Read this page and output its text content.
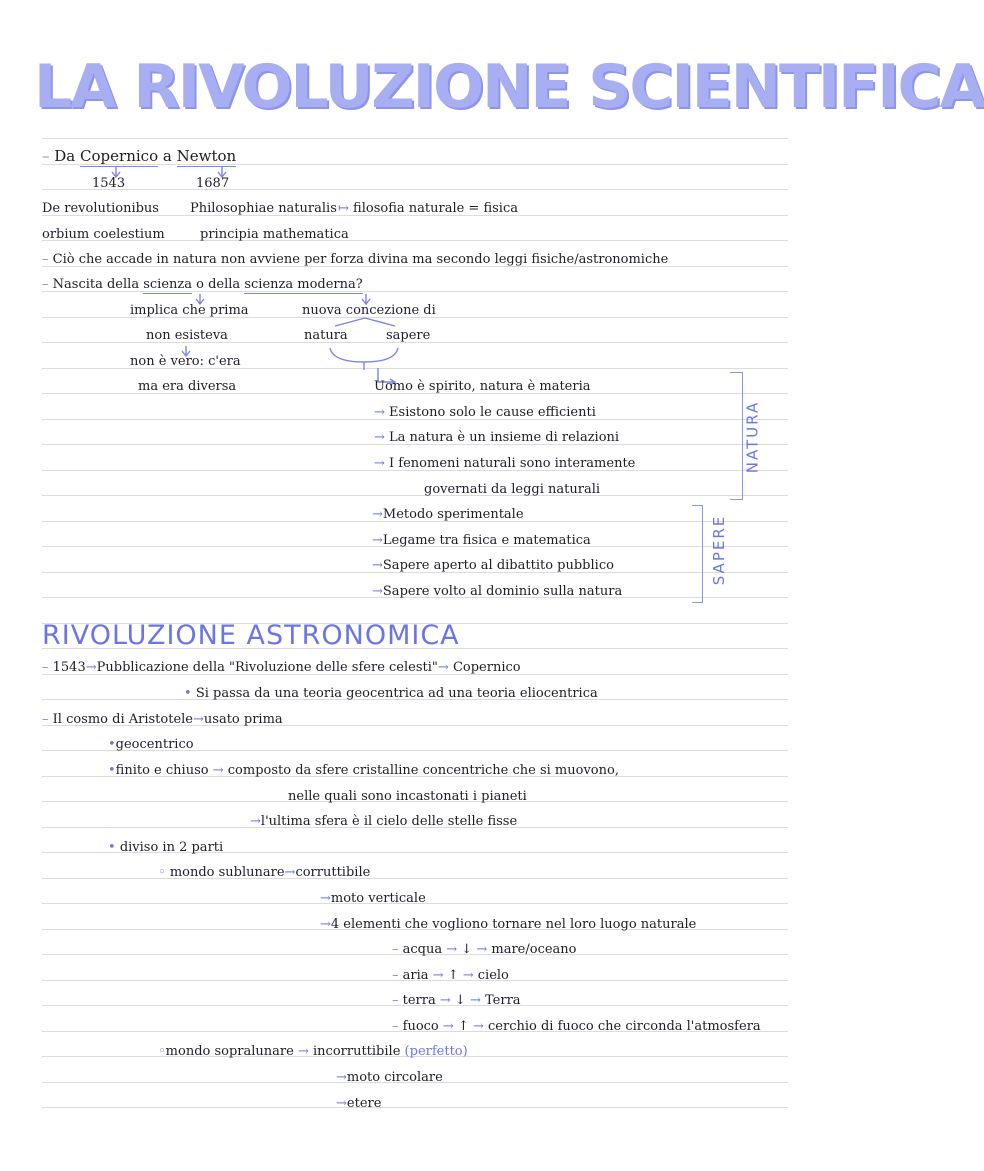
LA RIVOLUZIONE SCIENTIFICA
– Da Copernico a Newton
1543	1687
De revolutionibus
orbium coelestium
Philosophiae naturalis
principia mathematica
↦ filosofia naturale = fisica
– Ciò che accade in natura non avviene per forza divina ma secondo leggi fisiche/astronomiche
– Nascita della scienza o della scienza moderna?
implica che prima
non esisteva
non è vero: c'era
ma era diversa
nuova concezione di
natura	sapere
Uomo è spirito, natura è materia
→ Esistono solo le cause efficienti
→ La natura è un insieme di relazioni
→ I fenomeni naturali sono interamente
governati da leggi naturali
NATURA
→Metodo sperimentale
→Legame tra fisica e matematica
→Sapere aperto al dibattito pubblico
→Sapere volto al dominio sulla natura
SAPERE
RIVOLUZIONE ASTRONOMICA
– 1543→Pubblicazione della "Rivoluzione delle sfere celesti"→ Copernico
• Si passa da una teoria geocentrica ad una teoria eliocentrica
– Il cosmo di Aristotele→usato prima
•geocentrico
•finito e chiuso → composto da sfere cristalline concentriche che si muovono,
nelle quali sono incastonati i pianeti
→l'ultima sfera è il cielo delle stelle fisse
• diviso in 2 parti
◦ mondo sublunare→corruttibile
→moto verticale
→4 elementi che vogliono tornare nel loro luogo naturale
– acqua → ↓ → mare/oceano
– aria → ↑ → cielo
– terra → ↓ → Terra
– fuoco → ↑ → cerchio di fuoco che circonda l'atmosfera
◦mondo sopralunare → incorruttibile (perfetto)
→moto circolare
→etere
